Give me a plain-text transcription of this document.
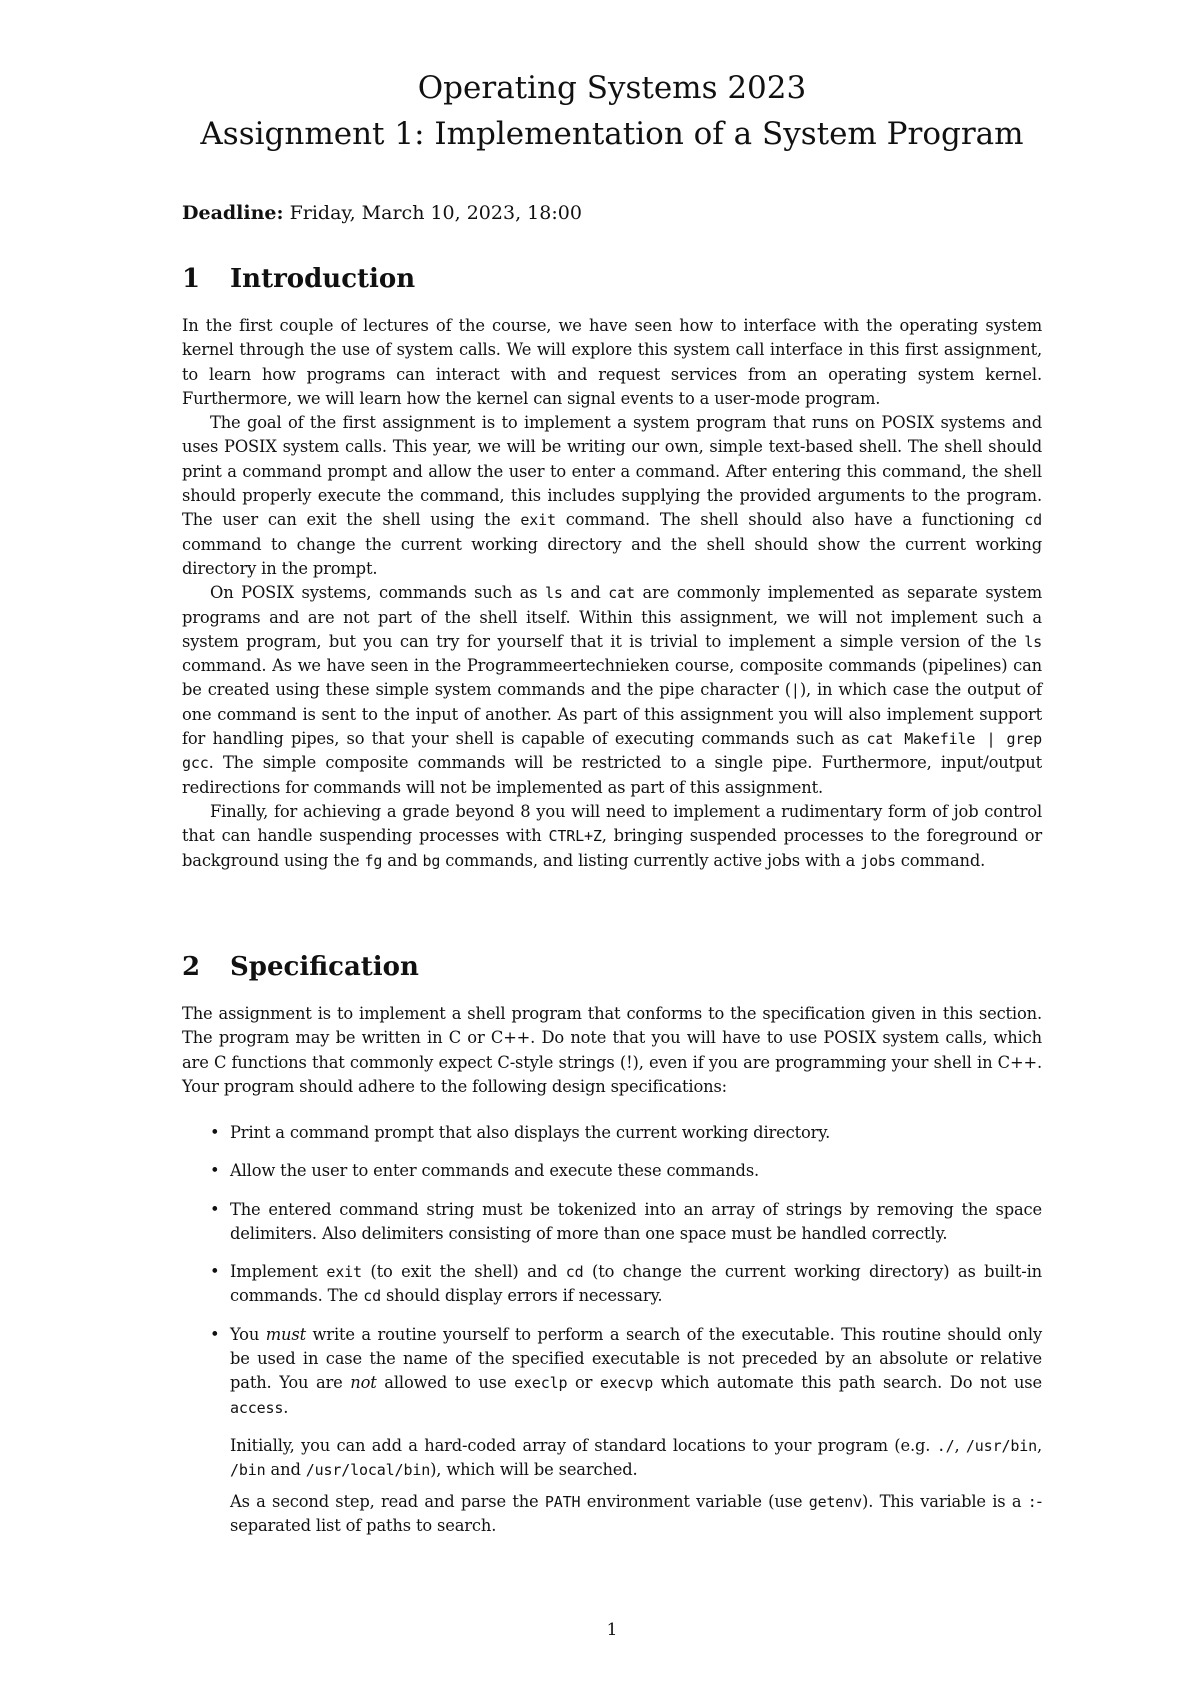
Operating Systems 2023
Assignment 1: Implementation of a System Program
Deadline: Friday, March 10, 2023, 18:00
1 Introduction

In the first couple of lectures of the course, we have seen how to interface with the operating system kernel through the use of system calls. We will explore this system call interface in this first assignment, to learn how programs can interact with and request services from an operating system kernel. Furthermore, we will learn how the kernel can signal events to a user-mode program.

The goal of the first assignment is to implement a system program that runs on POSIX systems and uses POSIX system calls. This year, we will be writing our own, simple text-based shell. The shell should print a command prompt and allow the user to enter a command. After entering this command, the shell should properly execute the command, this includes supplying the provided arguments to the program. The user can exit the shell using the exit command. The shell should also have a functioning cd command to change the current working directory and the shell should show the current working directory in the prompt.

On POSIX systems, commands such as ls and cat are commonly implemented as separate system programs and are not part of the shell itself. Within this assignment, we will not implement such a system program, but you can try for yourself that it is trivial to implement a simple version of the ls command. As we have seen in the Programmeertechnieken course, composite commands (pipelines) can be created using these simple system commands and the pipe character (|), in which case the output of one command is sent to the input of another. As part of this assignment you will also implement support for handling pipes, so that your shell is capable of executing commands such as cat Makefile | grep gcc. The simple composite commands will be restricted to a single pipe. Furthermore, input/output redirections for commands will not be implemented as part of this assignment.

Finally, for achieving a grade beyond 8 you will need to implement a rudimentary form of job control that can handle suspending processes with CTRL+Z, bringing suspended processes to the foreground or background using the fg and bg commands, and listing currently active jobs with a jobs command.

2 Specification

The assignment is to implement a shell program that conforms to the specification given in this section. The program may be written in C or C++. Do note that you will have to use POSIX system calls, which are C functions that commonly expect C-style strings (!), even if you are programming your shell in C++. Your program should adhere to the following design specifications:

• Print a command prompt that also displays the current working directory.
• Allow the user to enter commands and execute these commands.
• The entered command string must be tokenized into an array of strings by removing the space delimiters. Also delimiters consisting of more than one space must be handled correctly.
• Implement exit (to exit the shell) and cd (to change the current working directory) as built-in commands. The cd should display errors if necessary.
• You must write a routine yourself to perform a search of the executable. This routine should only be used in case the name of the specified executable is not preceded by an absolute or relative path. You are not allowed to use execlp or execvp which automate this path search. Do not use access.

Initially, you can add a hard-coded array of standard locations to your program (e.g. ./, /usr/bin, /bin and /usr/local/bin), which will be searched.

As a second step, read and parse the PATH environment variable (use getenv). This variable is a :-separated list of paths to search.

1
